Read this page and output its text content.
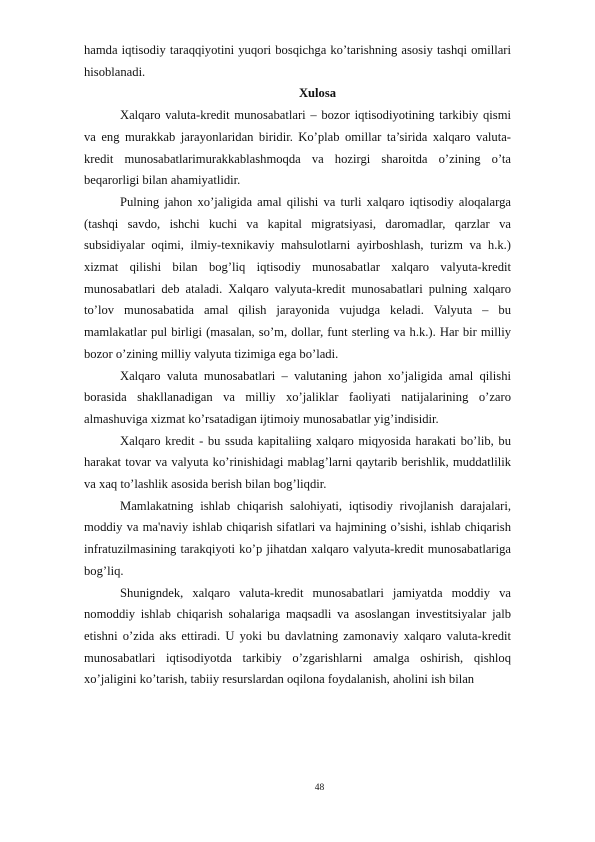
hamda iqtisodiy taraqqiyotini yuqori bosqichga ko’tarishning asosiy tashqi omillari hisoblanadi.

Xulosa

Xalqaro valuta-kredit munosabatlari – bozor iqtisodiyotining tarkibiy qismi va eng murakkab jarayonlaridan biridir. Ko’plab omillar ta’sirida xalqaro valuta-kredit munosabatlarimurakkablashmoqda va hozirgi sharoitda o’zining o’ta beqarorligi bilan ahamiyatlidir.

Pulning jahon xo’jaligida amal qilishi va turli xalqaro iqtisodiy aloqalarga (tashqi savdo, ishchi kuchi va kapital migratsiyasi, daromadlar, qarzlar va subsidiyalar oqimi, ilmiy-texnikaviy mahsulotlarni ayirboshlash, turizm va h.k.) xizmat qilishi bilan bog’liq iqtisodiy munosabatlar xalqaro valyuta-kredit munosabatlari deb ataladi. Xalqaro valyuta-kredit munosabatlari pulning xalqaro to’lov munosabatida amal qilish jarayonida vujudga keladi. Valyuta – bu mamlakatlar pul birligi (masalan, so’m, dollar, funt sterling va h.k.). Har bir milliy bozor o’zining milliy valyuta tizimiga ega bo’ladi.

Xalqaro valuta munosabatlari – valutaning jahon xo’jaligida amal qilishi borasida shakllanadigan va milliy xo’jaliklar faoliyati natijalarining o’zaro almashuviga xizmat ko’rsatadigan ijtimoiy munosabatlar yig’indisidir.

Xalqaro kredit - bu ssuda kapitaliing xalqaro miqyosida harakati bo’lib, bu harakat tovar va valyuta ko’rinishidagi mablag’larni qaytarib berishlik, muddatlilik va xaq to’lashlik asosida berish bilan bog’liqdir.

Mamlakatning ishlab chiqarish salohiyati, iqtisodiy rivojlanish darajalari, moddiy va ma'naviy ishlab chiqarish sifatlari va hajmining o’sishi, ishlab chiqarish infratuzilmasining tarakqiyoti ko’p jihatdan xalqaro valyuta-kredit munosabatlariga bog’liq.

Shunigndek, xalqaro valuta-kredit munosabatlari jamiyatda moddiy va nomoddiy ishlab chiqarish sohalariga maqsadli va asoslangan investitsiyalar jalb etishni o’zida aks ettiradi. U yoki bu davlatning zamonaviy xalqaro valuta-kredit munosabatlari iqtisodiyotda tarkibiy o’zgarishlarni amalga oshirish, qishloq xo’jaligini ko’tarish, tabiiy resurslardan oqilona foydalanish, aholini ish bilan

48
